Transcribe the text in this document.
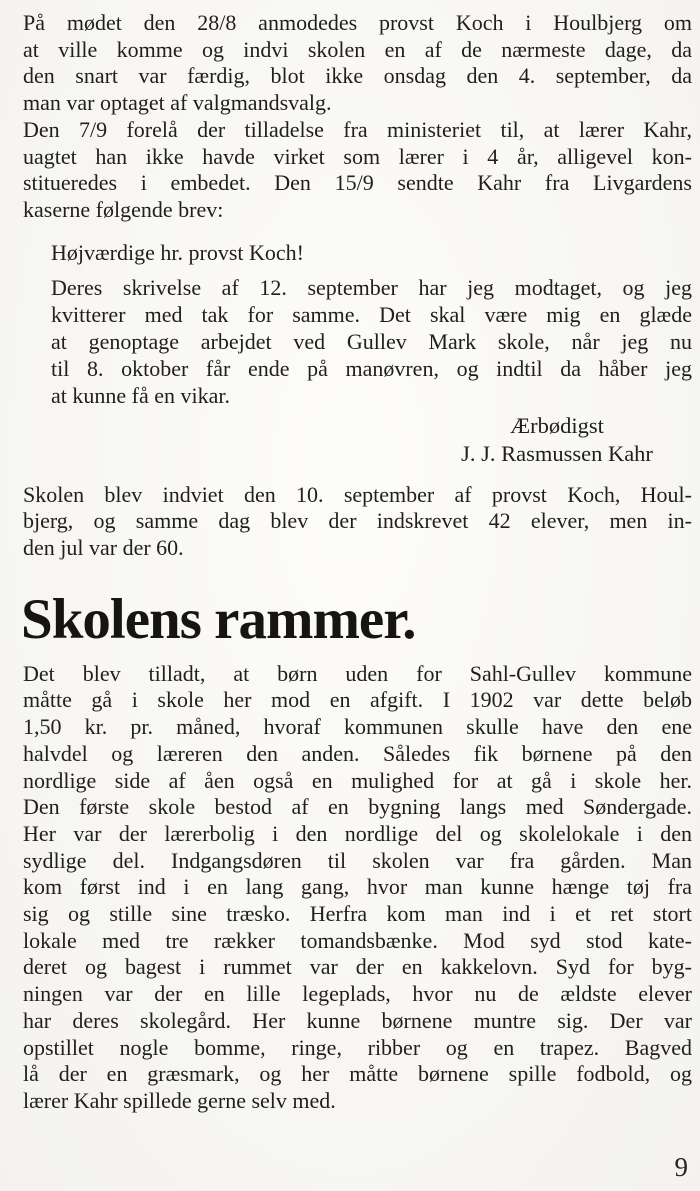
På mødet den 28/8 anmodedes provst Koch i Houlbjerg om
at ville komme og indvi skolen en af de nærmeste dage, da
den snart var færdig, blot ikke onsdag den 4. september, da
man var optaget af valgmandsvalg.
Den 7/9 forelå der tilladelse fra ministeriet til, at lærer Kahr,
uagtet han ikke havde virket som lærer i 4 år, alligevel kon-
stitueredes i embedet. Den 15/9 sendte Kahr fra Livgardens
kaserne følgende brev:
Højværdige hr. provst Koch!
Deres skrivelse af 12. september har jeg modtaget, og jeg
kvitterer med tak for samme. Det skal være mig en glæde
at genoptage arbejdet ved Gullev Mark skole, når jeg nu
til 8. oktober får ende på manøvren, og indtil da håber jeg
at kunne få en vikar.
Ærbødigst
J. J. Rasmussen Kahr
Skolen blev indviet den 10. september af provst Koch, Houl-
bjerg, og samme dag blev der indskrevet 42 elever, men in-
den jul var der 60.
Skolens rammer.
Det blev tilladt, at børn uden for Sahl-Gullev kommune
måtte gå i skole her mod en afgift. I 1902 var dette beløb
1,50 kr. pr. måned, hvoraf kommunen skulle have den ene
halvdel og læreren den anden. Således fik børnene på den
nordlige side af åen også en mulighed for at gå i skole her.
Den første skole bestod af en bygning langs med Søndergade.
Her var der lærerbolig i den nordlige del og skolelokale i den
sydlige del. Indgangsdøren til skolen var fra gården. Man
kom først ind i en lang gang, hvor man kunne hænge tøj fra
sig og stille sine træsko. Herfra kom man ind i et ret stort
lokale med tre rækker tomandsbænke. Mod syd stod kate-
deret og bagest i rummet var der en kakkelovn. Syd for byg-
ningen var der en lille legeplads, hvor nu de ældste elever
har deres skolegård. Her kunne børnene muntre sig. Der var
opstillet nogle bomme, ringe, ribber og en trapez. Bagved
lå der en græsmark, og her måtte børnene spille fodbold, og
lærer Kahr spillede gerne selv med.
9
